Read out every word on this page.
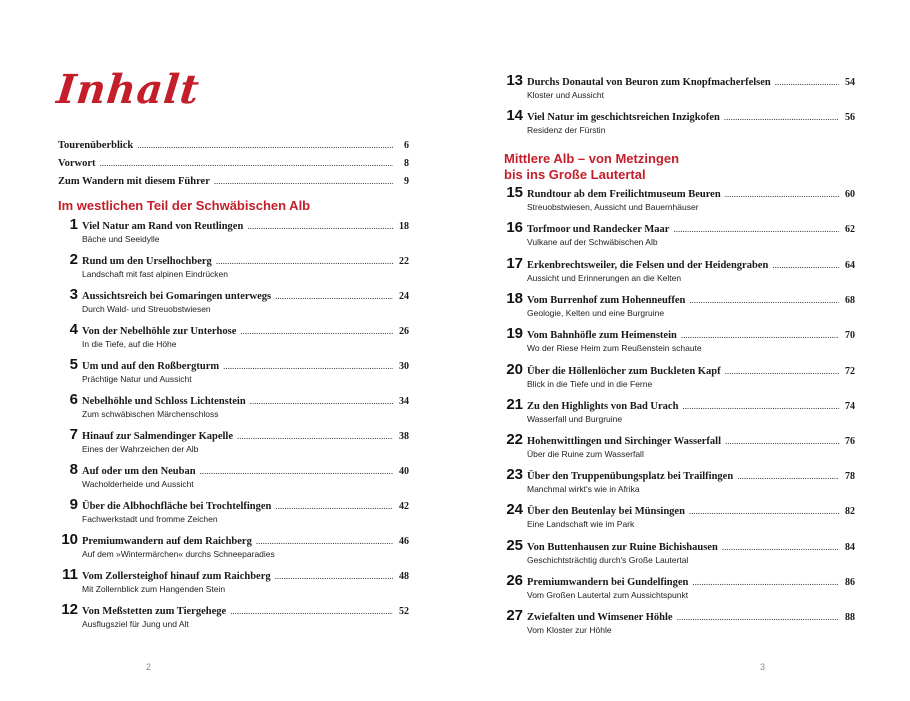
Inhalt
Tourenüberblick .....	6
Vorwort .....	8
Zum Wandern mit diesem Führer .....	9
Im westlichen Teil der Schwäbischen Alb
1 Viel Natur am Rand von Reutlingen .....	18
Bäche und Seeidylle
2 Rund um den Urselhochberg .....	22
Landschaft mit fast alpinen Eindrücken
3 Aussichtsreich bei Gomaringen unterwegs .....	24
Durch Wald- und Streuobstwiesen
4 Von der Nebelhöhle zur Unterhose .....	26
In die Tiefe, auf die Höhe
5 Um und auf den Roßbergturm .....	30
Prächtige Natur und Aussicht
6 Nebelhöhle und Schloss Lichtenstein .....	34
Zum schwäbischen Märchenschloss
7 Hinauf zur Salmendinger Kapelle .....	38
Eines der Wahrzeichen der Alb
8 Auf oder um den Neuban .....	40
Wacholderheide und Aussicht
9 Über die Albhochfläche bei Trochtelfingen .....	42
Fachwerkstadt und fromme Zeichen
10 Premiumwandern auf dem Raichberg .....	46
Auf dem »Wintermärchen« durchs Schneeparadies
11 Vom Zollersteighof hinauf zum Raichberg .....	48
Mit Zollernblick zum Hangenden Stein
12 Von Meßstetten zum Tiergehege .....	52
Ausflugsziel für Jung und Alt
2
13 Durchs Donautal von Beuron zum Knopfmacherfelsen .....	54
Kloster und Aussicht
14 Viel Natur im geschichtsreichen Inzigkofen .....	56
Residenz der Fürstin
Mittlere Alb – von Metzingen
bis ins Große Lautertal
15 Rundtour ab dem Freilichtmuseum Beuren .....	60
Streuobstwiesen, Aussicht und Bauernhäuser
16 Torfmoor und Randecker Maar .....	62
Vulkane auf der Schwäbischen Alb
17 Erkenbrechtsweiler, die Felsen und der Heidengraben .....	64
Aussicht und Erinnerungen an die Kelten
18 Vom Burrenhof zum Hohenneuffen .....	68
Geologie, Kelten und eine Burgruine
19 Vom Bahnhöfle zum Heimenstein .....	70
Wo der Riese Heim zum Reußenstein schaute
20 Über die Höllenlöcher zum Buckleten Kapf .....	72
Blick in die Tiefe und in die Ferne
21 Zu den Highlights von Bad Urach .....	74
Wasserfall und Burgruine
22 Hohenwittlingen und Sirchinger Wasserfall .....	76
Über die Ruine zum Wasserfall
23 Über den Truppenübungsplatz bei Trailfingen .....	78
Manchmal wirkt's wie in Afrika
24 Über den Beutenlay bei Münsingen .....	82
Eine Landschaft wie im Park
25 Von Buttenhausen zur Ruine Bichishausen .....	84
Geschichtsträchtig durch's Große Lautertal
26 Premiumwandern bei Gundelfingen .....	86
Vom Großen Lautertal zum Aussichtspunkt
27 Zwiefalten und Wimsener Höhle .....	88
Vom Kloster zur Höhle
3
